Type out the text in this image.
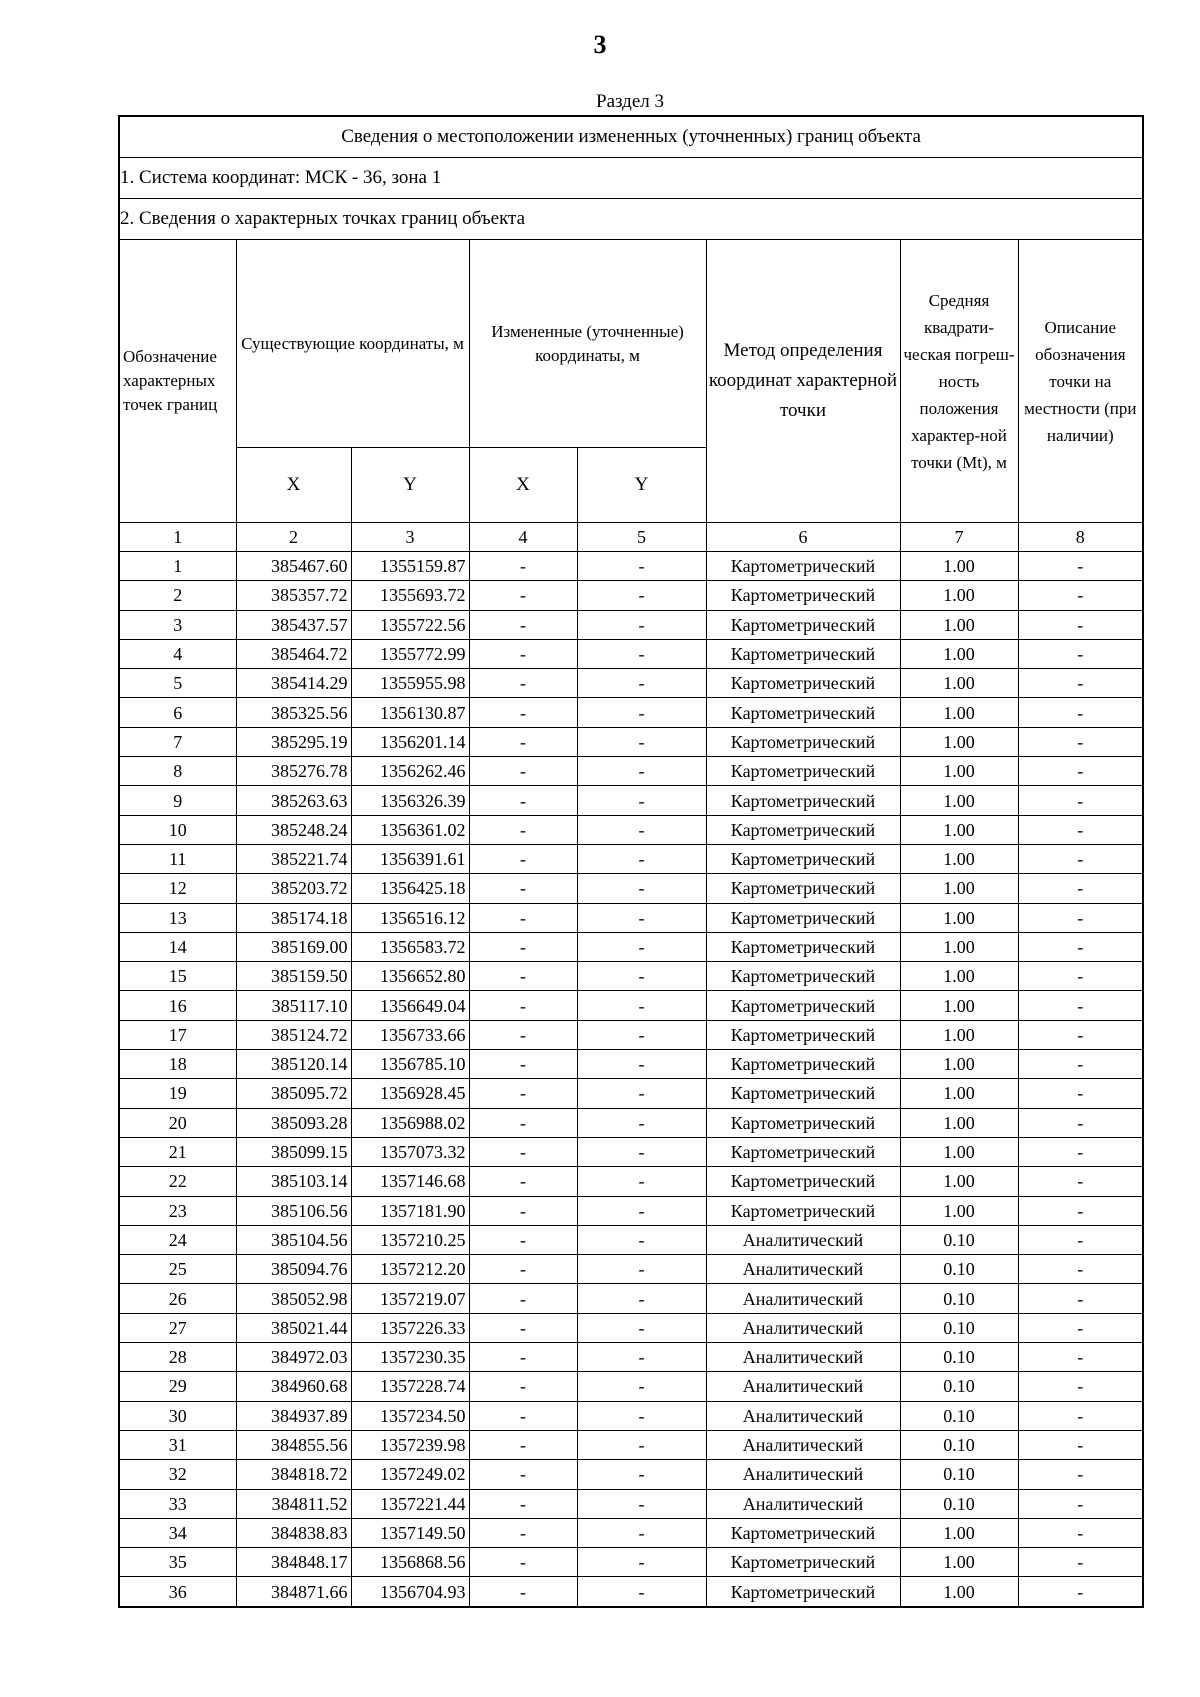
3
Раздел 3
Сведения о местоположении измененных (уточненных) границ объекта							
1. Система координат: МСК - 36, зона 1							
2. Сведения о характерных точках границ объекта							
Обозначение характерных точек границ	Существующие координаты, м		Измененные (уточненные) координаты, м		Метод определения координат характерной точки	Средняя квадрати-ческая погреш-ность положения характер-ной точки (Mt), м	Описание обозначения точки на местности (при наличии)
	X	Y	X	Y			
1	2	3	4	5	6	7	8
1	385467.60	1355159.87	-	-	Картометрический	1.00	-
2	385357.72	1355693.72	-	-	Картометрический	1.00	-
3	385437.57	1355722.56	-	-	Картометрический	1.00	-
4	385464.72	1355772.99	-	-	Картометрический	1.00	-
5	385414.29	1355955.98	-	-	Картометрический	1.00	-
6	385325.56	1356130.87	-	-	Картометрический	1.00	-
7	385295.19	1356201.14	-	-	Картометрический	1.00	-
8	385276.78	1356262.46	-	-	Картометрический	1.00	-
9	385263.63	1356326.39	-	-	Картометрический	1.00	-
10	385248.24	1356361.02	-	-	Картометрический	1.00	-
11	385221.74	1356391.61	-	-	Картометрический	1.00	-
12	385203.72	1356425.18	-	-	Картометрический	1.00	-
13	385174.18	1356516.12	-	-	Картометрический	1.00	-
14	385169.00	1356583.72	-	-	Картометрический	1.00	-
15	385159.50	1356652.80	-	-	Картометрический	1.00	-
16	385117.10	1356649.04	-	-	Картометрический	1.00	-
17	385124.72	1356733.66	-	-	Картометрический	1.00	-
18	385120.14	1356785.10	-	-	Картометрический	1.00	-
19	385095.72	1356928.45	-	-	Картометрический	1.00	-
20	385093.28	1356988.02	-	-	Картометрический	1.00	-
21	385099.15	1357073.32	-	-	Картометрический	1.00	-
22	385103.14	1357146.68	-	-	Картометрический	1.00	-
23	385106.56	1357181.90	-	-	Картометрический	1.00	-
24	385104.56	1357210.25	-	-	Аналитический	0.10	-
25	385094.76	1357212.20	-	-	Аналитический	0.10	-
26	385052.98	1357219.07	-	-	Аналитический	0.10	-
27	385021.44	1357226.33	-	-	Аналитический	0.10	-
28	384972.03	1357230.35	-	-	Аналитический	0.10	-
29	384960.68	1357228.74	-	-	Аналитический	0.10	-
30	384937.89	1357234.50	-	-	Аналитический	0.10	-
31	384855.56	1357239.98	-	-	Аналитический	0.10	-
32	384818.72	1357249.02	-	-	Аналитический	0.10	-
33	384811.52	1357221.44	-	-	Аналитический	0.10	-
34	384838.83	1357149.50	-	-	Картометрический	1.00	-
35	384848.17	1356868.56	-	-	Картометрический	1.00	-
36	384871.66	1356704.93	-	-	Картометрический	1.00	-
